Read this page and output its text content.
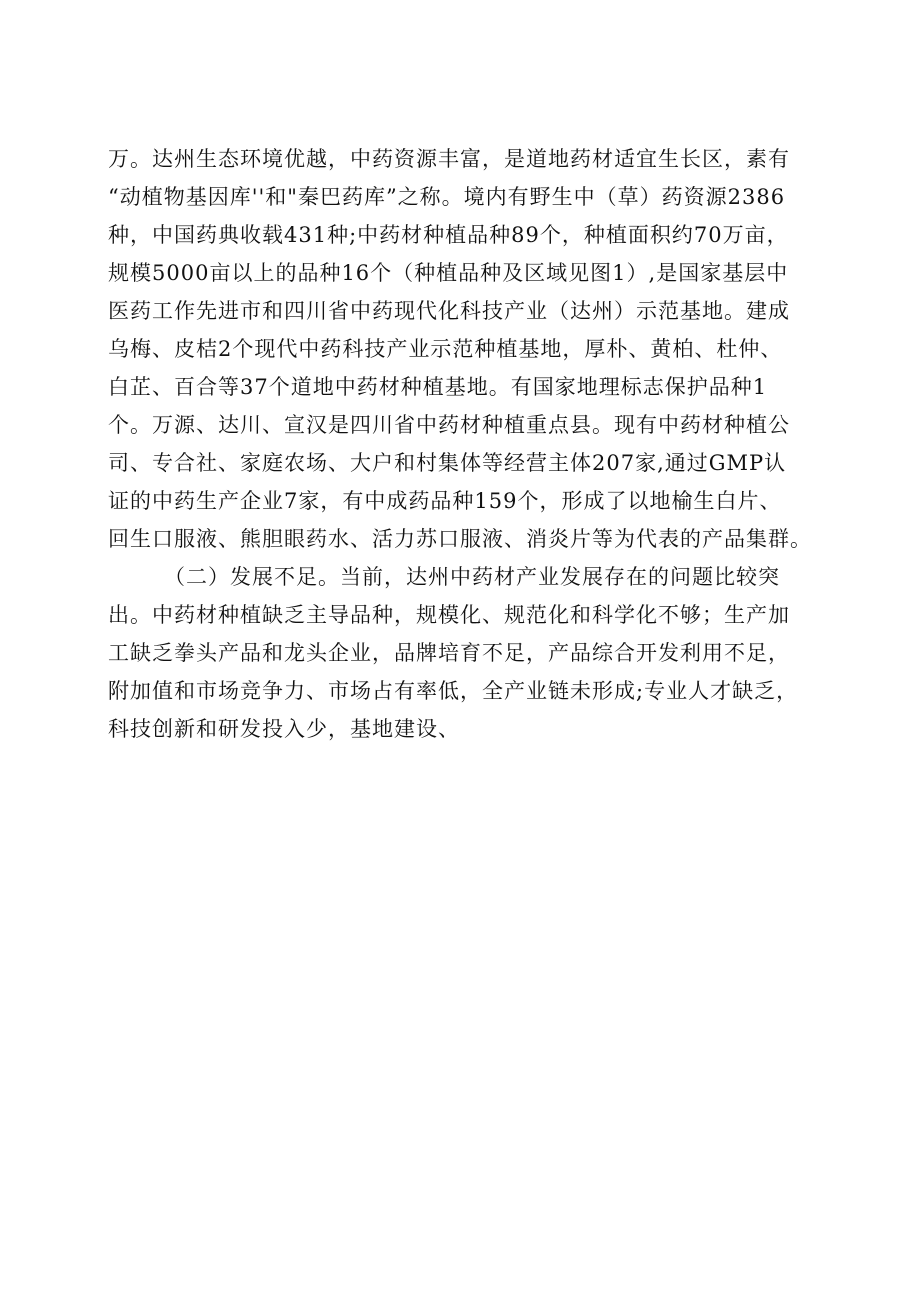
万。达州生态环境优越，中药资源丰富，是道地药材适宜生长区，素有
“动植物基因库''和"秦巴药库”之称。境内有野生中（草）药资源2386
种，中国药典收载431种;中药材种植品种89个，种植面积约70万亩，
规模5000亩以上的品种16个（种植品种及区域见图1）,是国家基层中
医药工作先进市和四川省中药现代化科技产业（达州）示范基地。建成
乌梅、皮桔2个现代中药科技产业示范种植基地，厚朴、黄柏、杜仲、
白芷、百合等37个道地中药材种植基地。有国家地理标志保护品种1
个。万源、达川、宣汉是四川省中药材种植重点县。现有中药材种植公
司、专合社、家庭农场、大户和村集体等经营主体207家,通过GMP认
证的中药生产企业7家，有中成药品种159个，形成了以地榆生白片、
回生口服液、熊胆眼药水、活力苏口服液、消炎片等为代表的产品集群。
（二）发展不足。当前，达州中药材产业发展存在的问题比较突
出。中药材种植缺乏主导品种，规模化、规范化和科学化不够；生产加
工缺乏拳头产品和龙头企业，品牌培育不足，产品综合开发利用不足，
附加值和市场竞争力、市场占有率低，全产业链未形成;专业人才缺乏，
科技创新和研发投入少，基地建设、
